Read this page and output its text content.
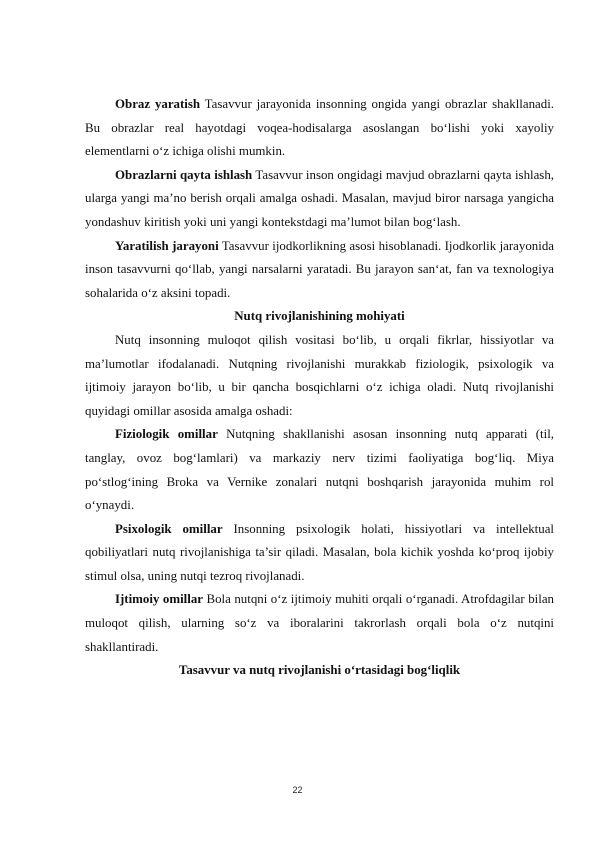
Obraz yaratish Tasavvur jarayonida insonning ongida yangi obrazlar shakllanadi. Bu obrazlar real hayotdagi voqea-hodisalarga asoslangan bo‘lishi yoki xayoliy elementlarni o‘z ichiga olishi mumkin.

Obrazlarni qayta ishlash Tasavvur inson ongidagi mavjud obrazlarni qayta ishlash, ularga yangi ma’no berish orqali amalga oshadi. Masalan, mavjud biror narsaga yangicha yondashuv kiritish yoki uni yangi kontekstdagi ma’lumot bilan bog‘lash.

Yaratilish jarayoni Tasavvur ijodkorlikning asosi hisoblanadi. Ijodkorlik jarayonida inson tasavvurni qo‘llab, yangi narsalarni yaratadi. Bu jarayon san‘at, fan va texnologiya sohalarida o‘z aksini topadi.

Nutq rivojlanishining mohiyati

Nutq insonning muloqot qilish vositasi bo‘lib, u orqali fikrlar, hissiyotlar va ma’lumotlar ifodalanadi. Nutqning rivojlanishi murakkab fiziologik, psixologik va ijtimoiy jarayon bo‘lib, u bir qancha bosqichlarni o‘z ichiga oladi. Nutq rivojlanishi quyidagi omillar asosida amalga oshadi:

Fiziologik omillar Nutqning shakllanishi asosan insonning nutq apparati (til, tanglay, ovoz bog‘lamlari) va markaziy nerv tizimi faoliyatiga bog‘liq. Miya po‘stlog‘ining Broka va Vernike zonalari nutqni boshqarish jarayonida muhim rol o‘ynaydi.

Psixologik omillar Insonning psixologik holati, hissiyotlari va intellektual qobiliyatlari nutq rivojlanishiga ta’sir qiladi. Masalan, bola kichik yoshda ko‘proq ijobiy stimul olsa, uning nutqi tezroq rivojlanadi.

Ijtimoiy omillar Bola nutqni o‘z ijtimoiy muhiti orqali o‘rganadi. Atrofdagilar bilan muloqot qilish, ularning so‘z va iboralarini takrorlash orqali bola o‘z nutqini shakllantiradi.

Tasavvur va nutq rivojlanishi o‘rtasidagi bog‘liqlik

22
